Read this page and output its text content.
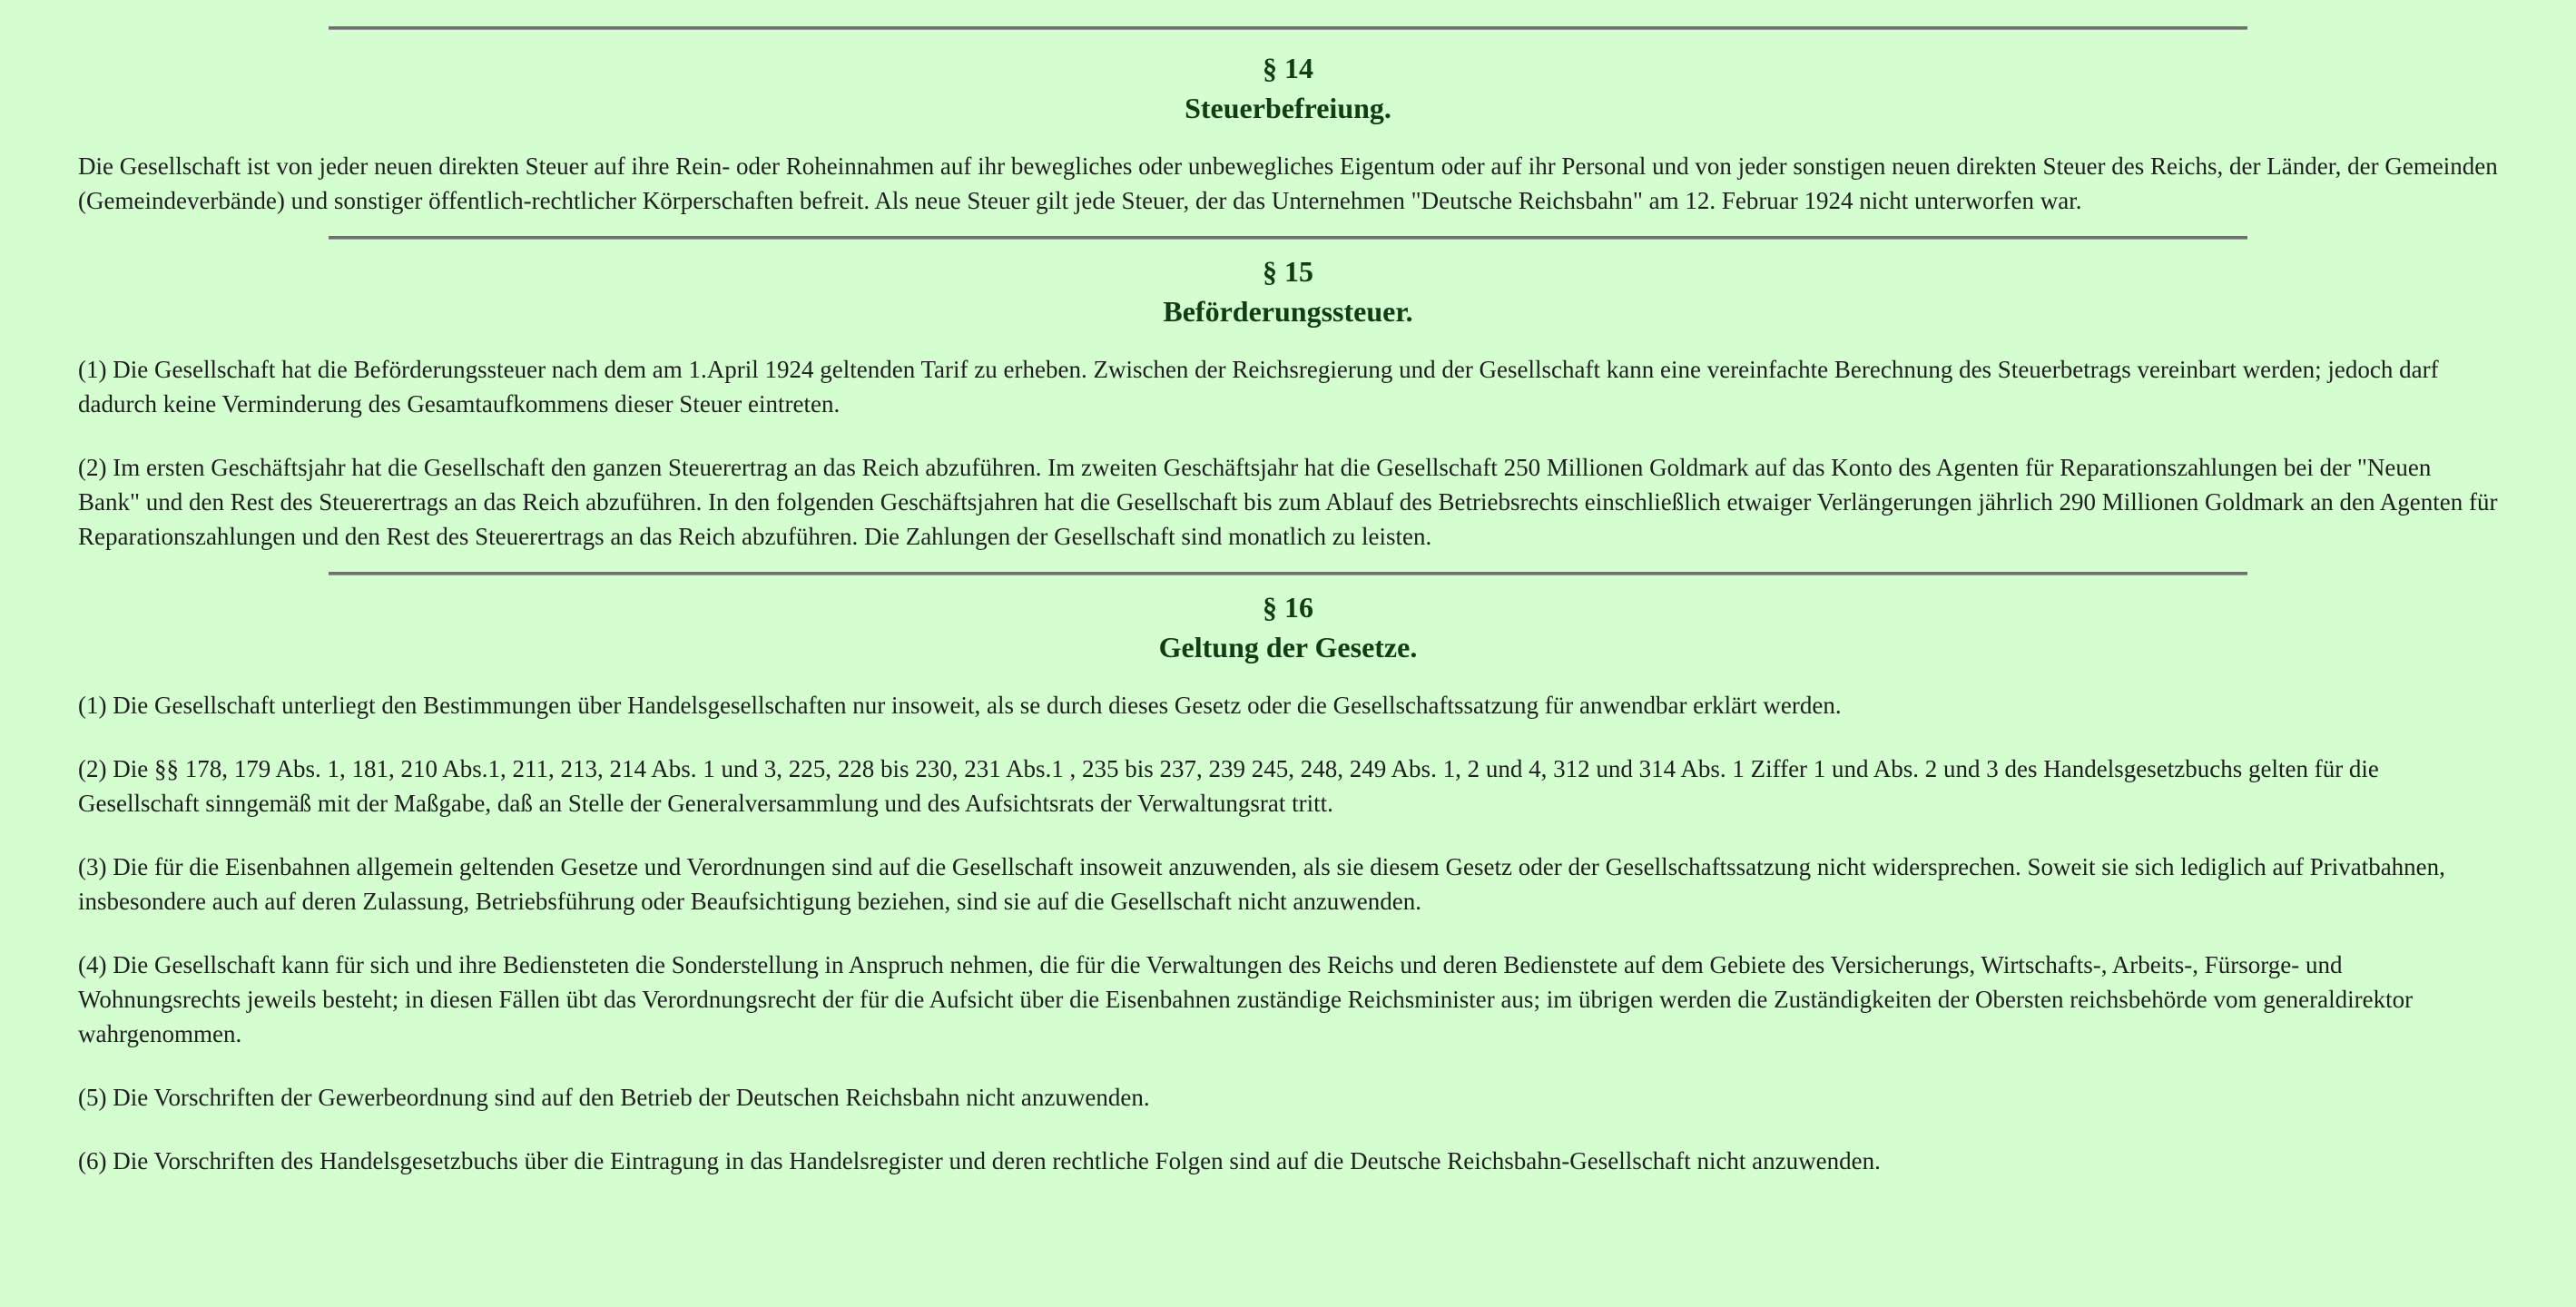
§ 14

Steuerbefreiung.

Die Gesellschaft ist von jeder neuen direkten Steuer auf ihre Rein- oder Roheinnahmen auf ihr bewegliches oder unbewegliches Eigentum oder auf ihr Personal und von jeder sonstigen neuen direkten Steuer des Reichs, der Länder, der Gemeinden (Gemeindeverbände) und sonstiger öffentlich-rechtlicher Körperschaften befreit. Als neue Steuer gilt jede Steuer, der das Unternehmen "Deutsche Reichsbahn" am 12. Februar 1924 nicht unterworfen war.

§ 15

Beförderungssteuer.

(1) Die Gesellschaft hat die Beförderungssteuer nach dem am 1.April 1924 geltenden Tarif zu erheben. Zwischen der Reichsregierung und der Gesellschaft kann eine vereinfachte Berechnung des Steuerbetrags vereinbart werden; jedoch darf dadurch keine Verminderung des Gesamtaufkommens dieser Steuer eintreten.

(2) Im ersten Geschäftsjahr hat die Gesellschaft den ganzen Steuerertrag an das Reich abzuführen. Im zweiten Geschäftsjahr hat die Gesellschaft 250 Millionen Goldmark auf das Konto des Agenten für Reparationszahlungen bei der "Neuen Bank" und den Rest des Steuerertrags an das Reich abzuführen. In den folgenden Geschäftsjahren hat die Gesellschaft bis zum Ablauf des Betriebsrechts einschließlich etwaiger Verlängerungen jährlich 290 Millionen Goldmark an den Agenten für Reparationszahlungen und den Rest des Steuerertrags an das Reich abzuführen. Die Zahlungen der Gesellschaft sind monatlich zu leisten.

§ 16

Geltung der Gesetze.

(1) Die Gesellschaft unterliegt den Bestimmungen über Handelsgesellschaften nur insoweit, als se durch dieses Gesetz oder die Gesellschaftssatzung für anwendbar erklärt werden.

(2) Die §§ 178, 179 Abs. 1, 181, 210 Abs.1, 211, 213, 214 Abs. 1 und 3, 225, 228 bis 230, 231 Abs.1 , 235 bis 237, 239 245, 248, 249 Abs. 1, 2 und 4, 312 und 314 Abs. 1 Ziffer 1 und Abs. 2 und 3 des Handelsgesetzbuchs gelten für die Gesellschaft sinngemäß mit der Maßgabe, daß an Stelle der Generalversammlung und des Aufsichtsrats der Verwaltungsrat tritt.

(3) Die für die Eisenbahnen allgemein geltenden Gesetze und Verordnungen sind auf die Gesellschaft insoweit anzuwenden, als sie diesem Gesetz oder der Gesellschaftssatzung nicht widersprechen. Soweit sie sich lediglich auf Privatbahnen, insbesondere auch auf deren Zulassung, Betriebsführung oder Beaufsichtigung beziehen, sind sie auf die Gesellschaft nicht anzuwenden.

(4) Die Gesellschaft kann für sich und ihre Bediensteten die Sonderstellung in Anspruch nehmen, die für die Verwaltungen des Reichs und deren Bedienstete auf dem Gebiete des Versicherungs, Wirtschafts-, Arbeits-, Fürsorge- und Wohnungsrechts jeweils besteht; in diesen Fällen übt das Verordnungsrecht der für die Aufsicht über die Eisenbahnen zuständige Reichsminister aus; im übrigen werden die Zuständigkeiten der Obersten reichsbehörde vom generaldirektor wahrgenommen.

(5) Die Vorschriften der Gewerbeordnung sind auf den Betrieb der Deutschen Reichsbahn nicht anzuwenden.

(6) Die Vorschriften des Handelsgesetzbuchs über die Eintragung in das Handelsregister und deren rechtliche Folgen sind auf die Deutsche Reichsbahn-Gesellschaft nicht anzuwenden.
